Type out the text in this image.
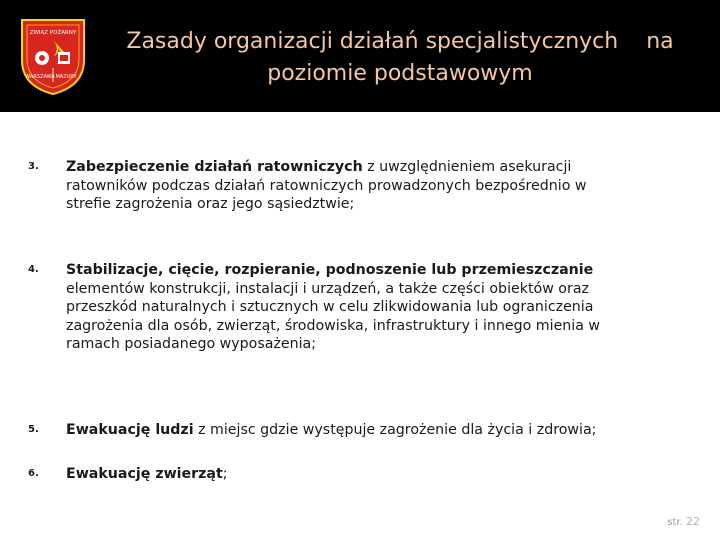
ZWIĄZ POŻARNY
WARSZAWA MAZURY
Zasady organizacji działań specjalistycznych    na
poziomie podstawowym
3.	Zabezpieczenie działań ratowniczych z uwzględnieniem asekuracji
ratowników podczas działań ratowniczych prowadzonych bezpośrednio w
strefie zagrożenia oraz jego sąsiedztwie;
4.	Stabilizacje, cięcie, rozpieranie, podnoszenie lub przemieszczanie
elementów konstrukcji, instalacji i urządzeń, a także części obiektów oraz
przeszkód naturalnych i sztucznych w celu zlikwidowania lub ograniczenia
zagrożenia dla osób, zwierząt, środowiska, infrastruktury i innego mienia w
ramach posiadanego wyposażenia;
5.	Ewakuację ludzi z miejsc gdzie występuje zagrożenie dla życia i zdrowia;
6.	Ewakuację zwierząt;
str. 22
